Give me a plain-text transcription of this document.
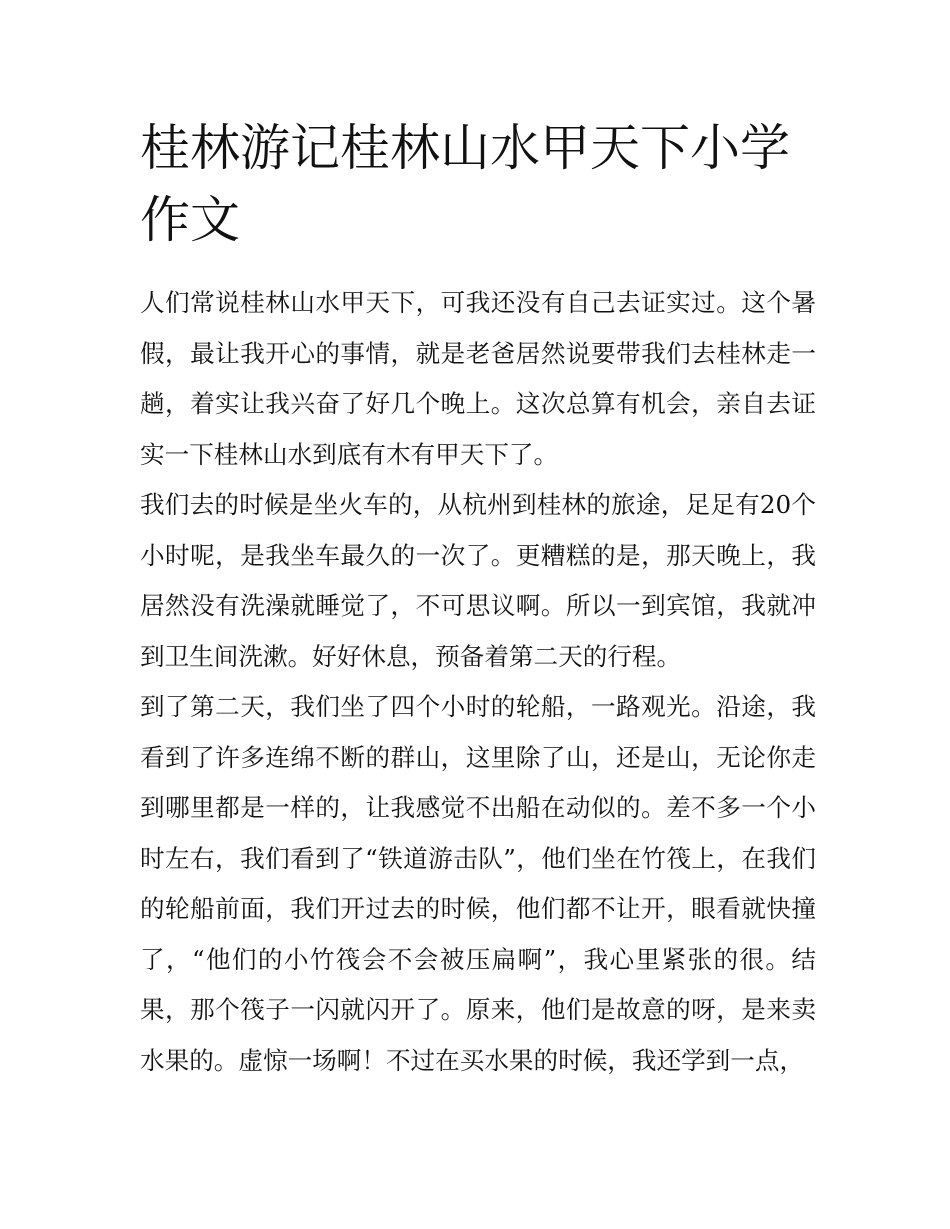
桂林游记桂林山水甲天下小学作文

人们常说桂林山水甲天下，可我还没有自己去证实过。这个暑假，最让我开心的事情，就是老爸居然说要带我们去桂林走一趟，着实让我兴奋了好几个晚上。这次总算有机会，亲自去证实一下桂林山水到底有木有甲天下了。

我们去的时候是坐火车的，从杭州到桂林的旅途，足足有20个小时呢，是我坐车最久的一次了。更糟糕的是，那天晚上，我居然没有洗澡就睡觉了，不可思议啊。所以一到宾馆，我就冲到卫生间洗漱。好好休息，预备着第二天的行程。

到了第二天，我们坐了四个小时的轮船，一路观光。沿途，我看到了许多连绵不断的群山，这里除了山，还是山，无论你走到哪里都是一样的，让我感觉不出船在动似的。差不多一个小时左右，我们看到了“铁道游击队”，他们坐在竹筏上，在我们的轮船前面，我们开过去的时候，他们都不让开，眼看就快撞了，“他们的小竹筏会不会被压扁啊”，我心里紧张的很。结果，那个筏子一闪就闪开了。原来，他们是故意的呀，是来卖水果的。虚惊一场啊！不过在买水果的时候，我还学到一点，
